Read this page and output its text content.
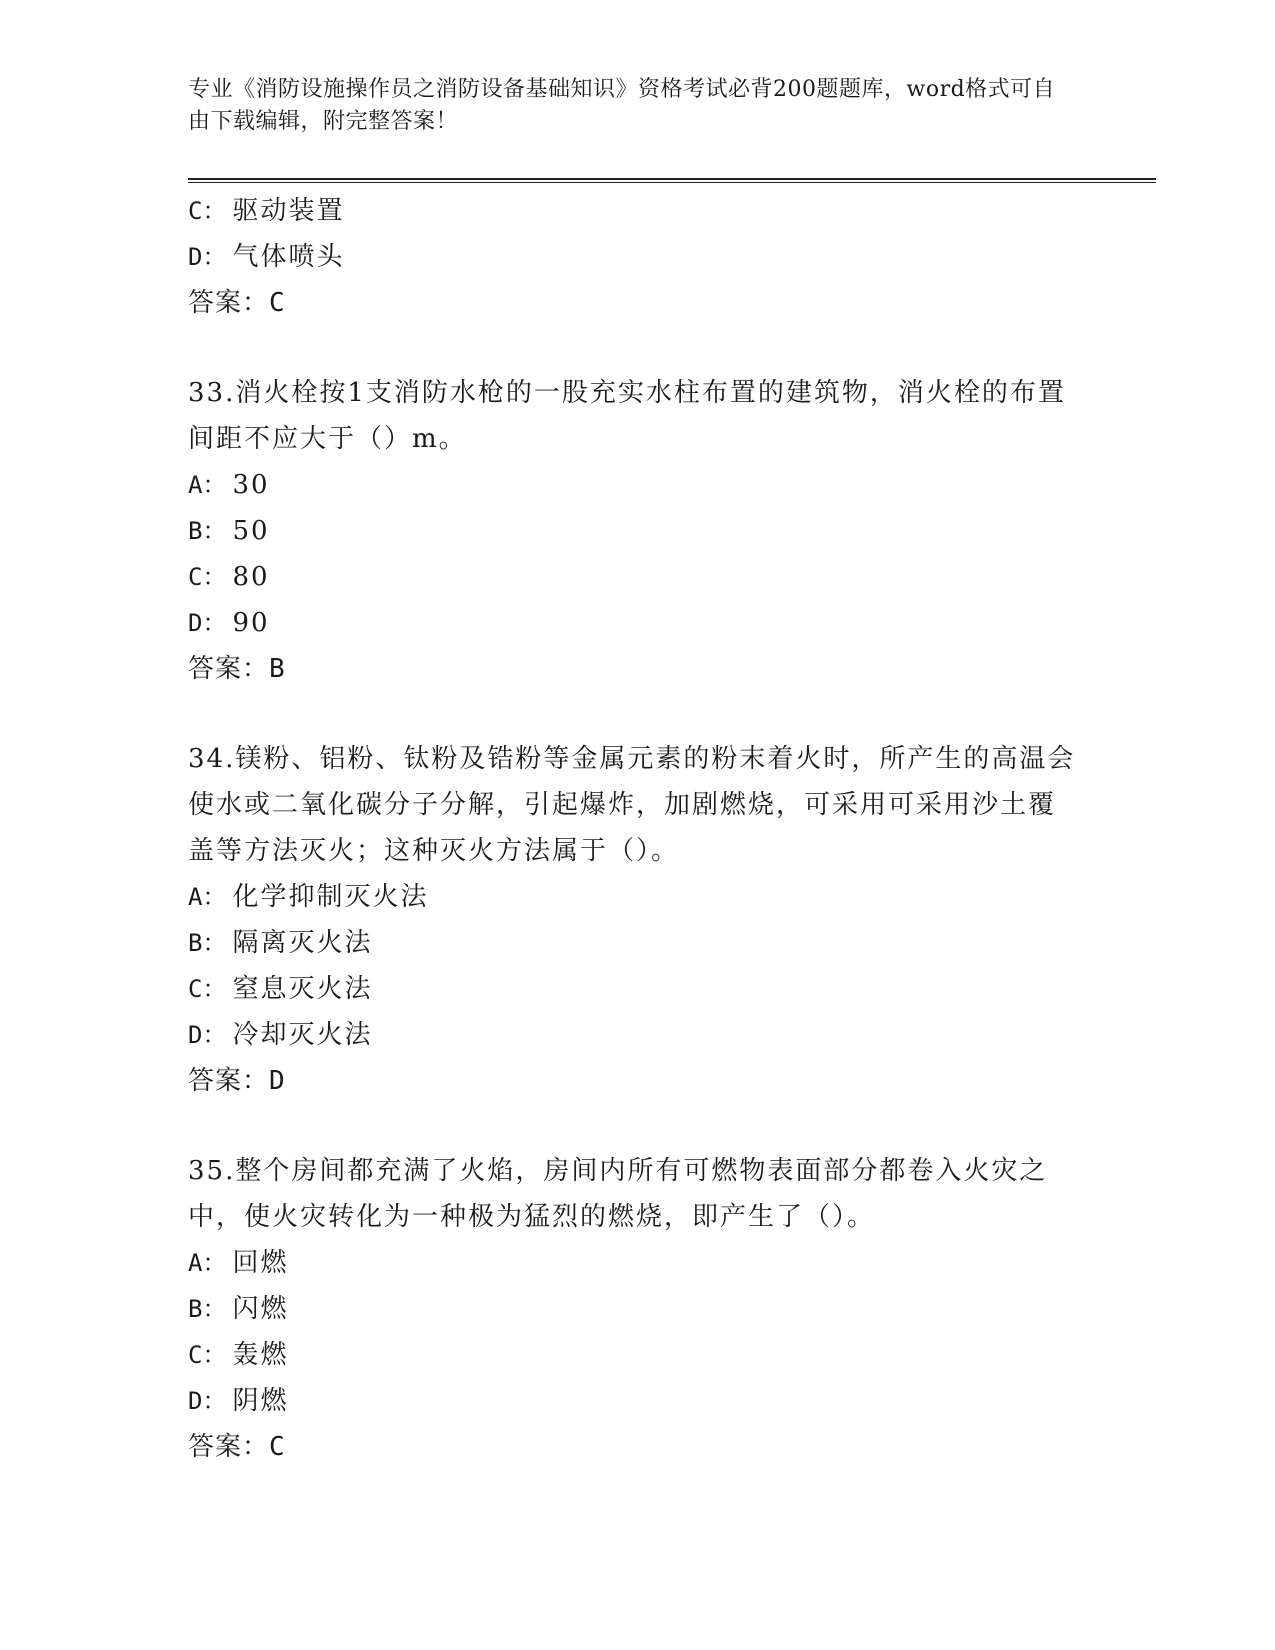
专业《消防设施操作员之消防设备基础知识》资格考试必背200题题库，word格式可自由下载编辑，附完整答案！
C： 驱动装置
D： 气体喷头
答案：C
33.消火栓按1支消防水枪的一股充实水柱布置的建筑物，消火栓的布置间距不应大于（）m。
A： 30
B： 50
C： 80
D： 90
答案：B
34.镁粉、铝粉、钛粉及锆粉等金属元素的粉末着火时，所产生的高温会使水或二氧化碳分子分解，引起爆炸，加剧燃烧，可采用可采用沙土覆盖等方法灭火；这种灭火方法属于（）。
A： 化学抑制灭火法
B： 隔离灭火法
C： 窒息灭火法
D： 冷却灭火法
答案：D
35.整个房间都充满了火焰，房间内所有可燃物表面部分都卷入火灾之中，使火灾转化为一种极为猛烈的燃烧，即产生了（）。
A： 回燃
B： 闪燃
C： 轰燃
D： 阴燃
答案：C
